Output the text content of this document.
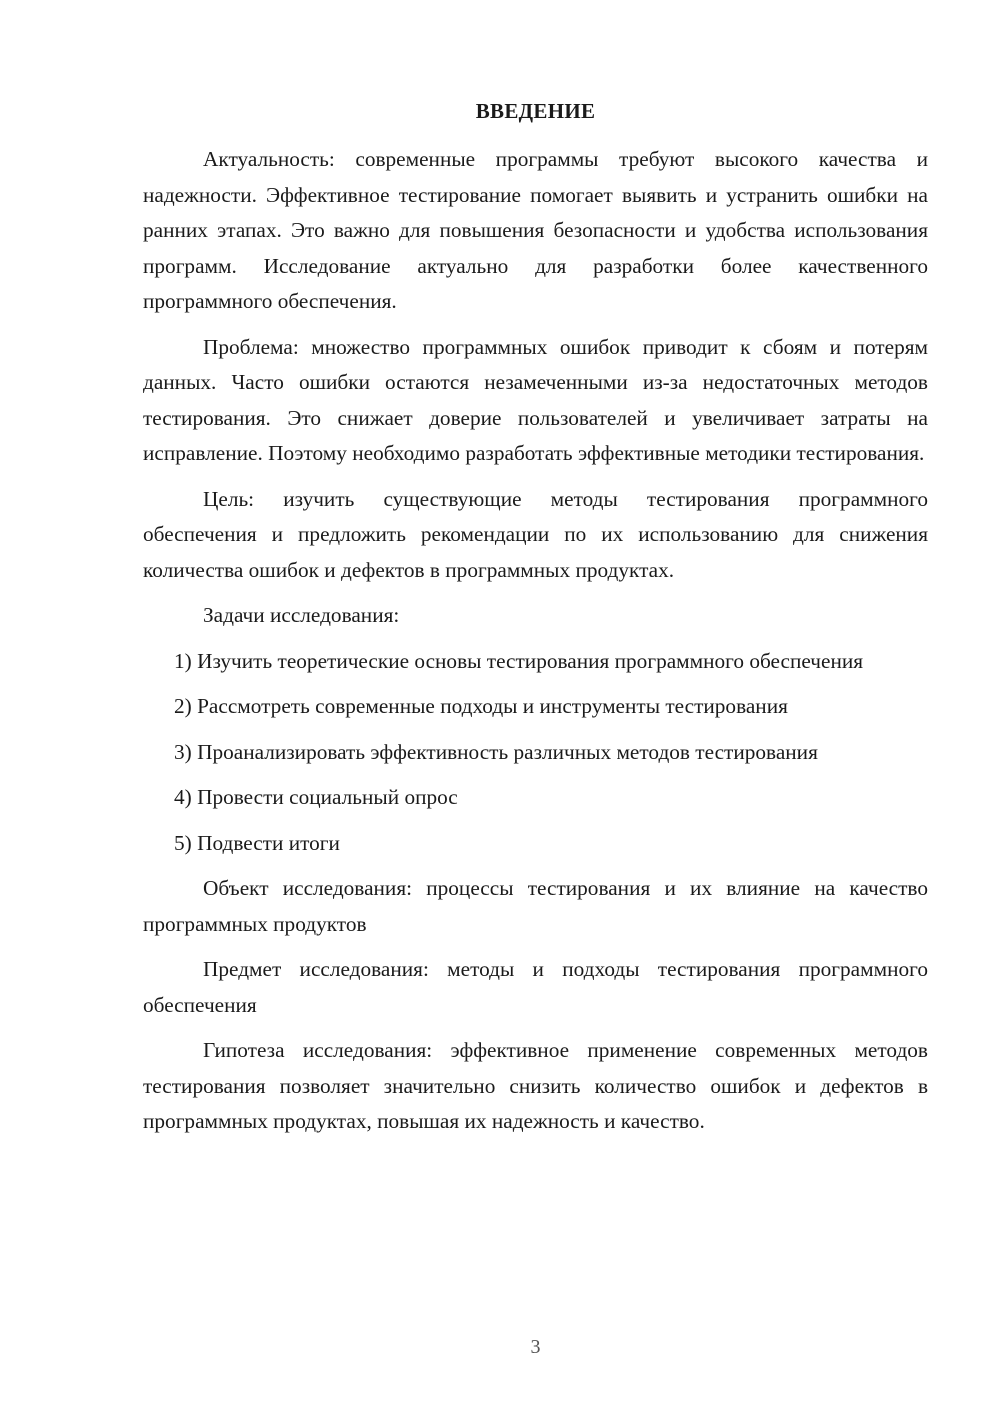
ВВЕДЕНИЕ

Актуальность: современные программы требуют высокого качества и надежности. Эффективное тестирование помогает выявить и устранить ошибки на ранних этапах. Это важно для повышения безопасности и удобства использования программ. Исследование актуально для разработки более качественного программного обеспечения.

Проблема: множество программных ошибок приводит к сбоям и потерям данных. Часто ошибки остаются незамеченными из-за недостаточных методов тестирования. Это снижает доверие пользователей и увеличивает затраты на исправление. Поэтому необходимо разработать эффективные методики тестирования.

Цель: изучить существующие методы тестирования программного обеспечения и предложить рекомендации по их использованию для снижения количества ошибок и дефектов в программных продуктах.

Задачи исследования:

1) Изучить теоретические основы тестирования программного обеспечения

2) Рассмотреть современные подходы и инструменты тестирования

3) Проанализировать эффективность различных методов тестирования

4) Провести социальный опрос

5) Подвести итоги

Объект исследования: процессы тестирования и их влияние на качество программных продуктов

Предмет исследования: методы и подходы тестирования программного обеспечения

Гипотеза исследования: эффективное применение современных методов тестирования позволяет значительно снизить количество ошибок и дефектов в программных продуктах, повышая их надежность и качество.

3
